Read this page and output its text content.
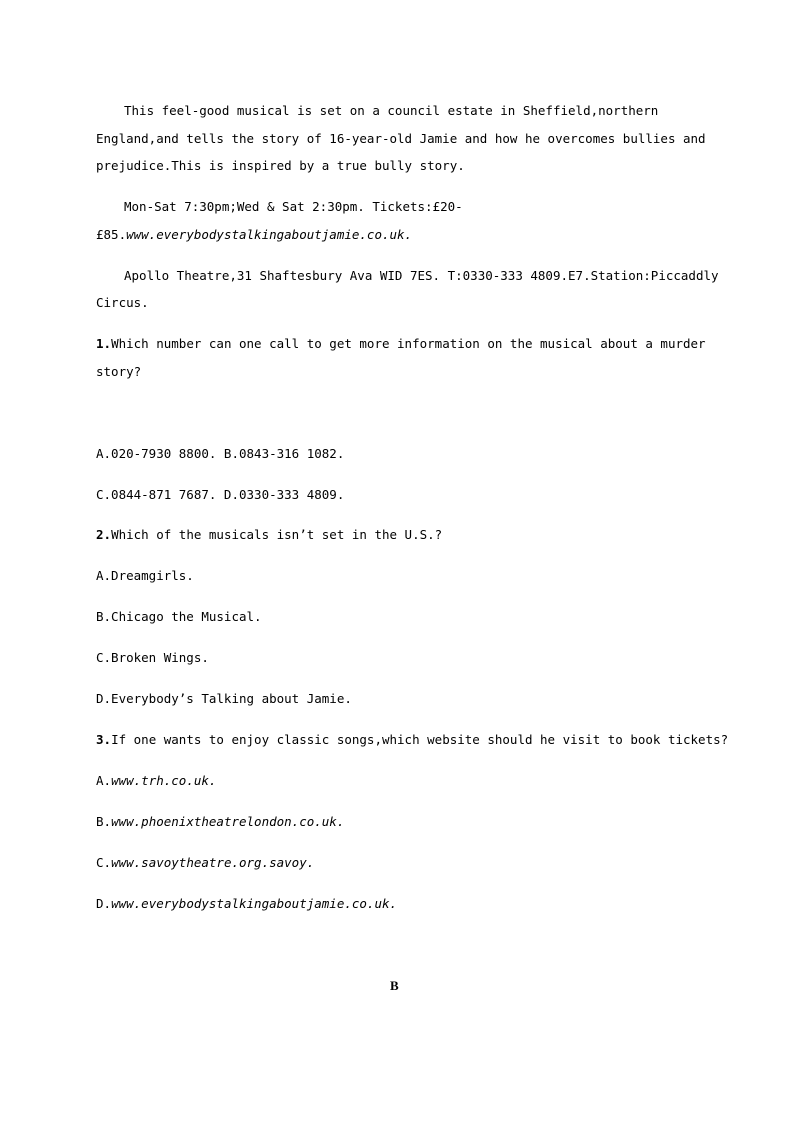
This feel-good musical is set on a council estate in Sheffield,northern
England,and tells the story of 16-year-old Jamie and how he overcomes bullies and
prejudice.This is inspired by a true bully story.
Mon-Sat 7:30pm;Wed & Sat 2:30pm. Tickets:£20-
£85.www.everybodystalkingaboutjamie.co.uk.
Apollo Theatre,31 Shaftesbury Ava WID 7ES. T:0330-333 4809.E7.Station:Piccaddly
Circus.
1.Which number can one call to get more information on the musical about a murder
story?
A.020-7930 8800. B.0843-316 1082.
C.0844-871 7687. D.0330-333 4809.
2.Which of the musicals isn’t set in the U.S.?
A.Dreamgirls.
B.Chicago the Musical.
C.Broken Wings.
D.Everybody’s Talking about Jamie.
3.If one wants to enjoy classic songs,which website should he visit to book tickets?
A.www.trh.co.uk.
B.www.phoenixtheatrelondon.co.uk.
C.www.savoytheatre.org.savoy.
D.www.everybodystalkingaboutjamie.co.uk.
B
